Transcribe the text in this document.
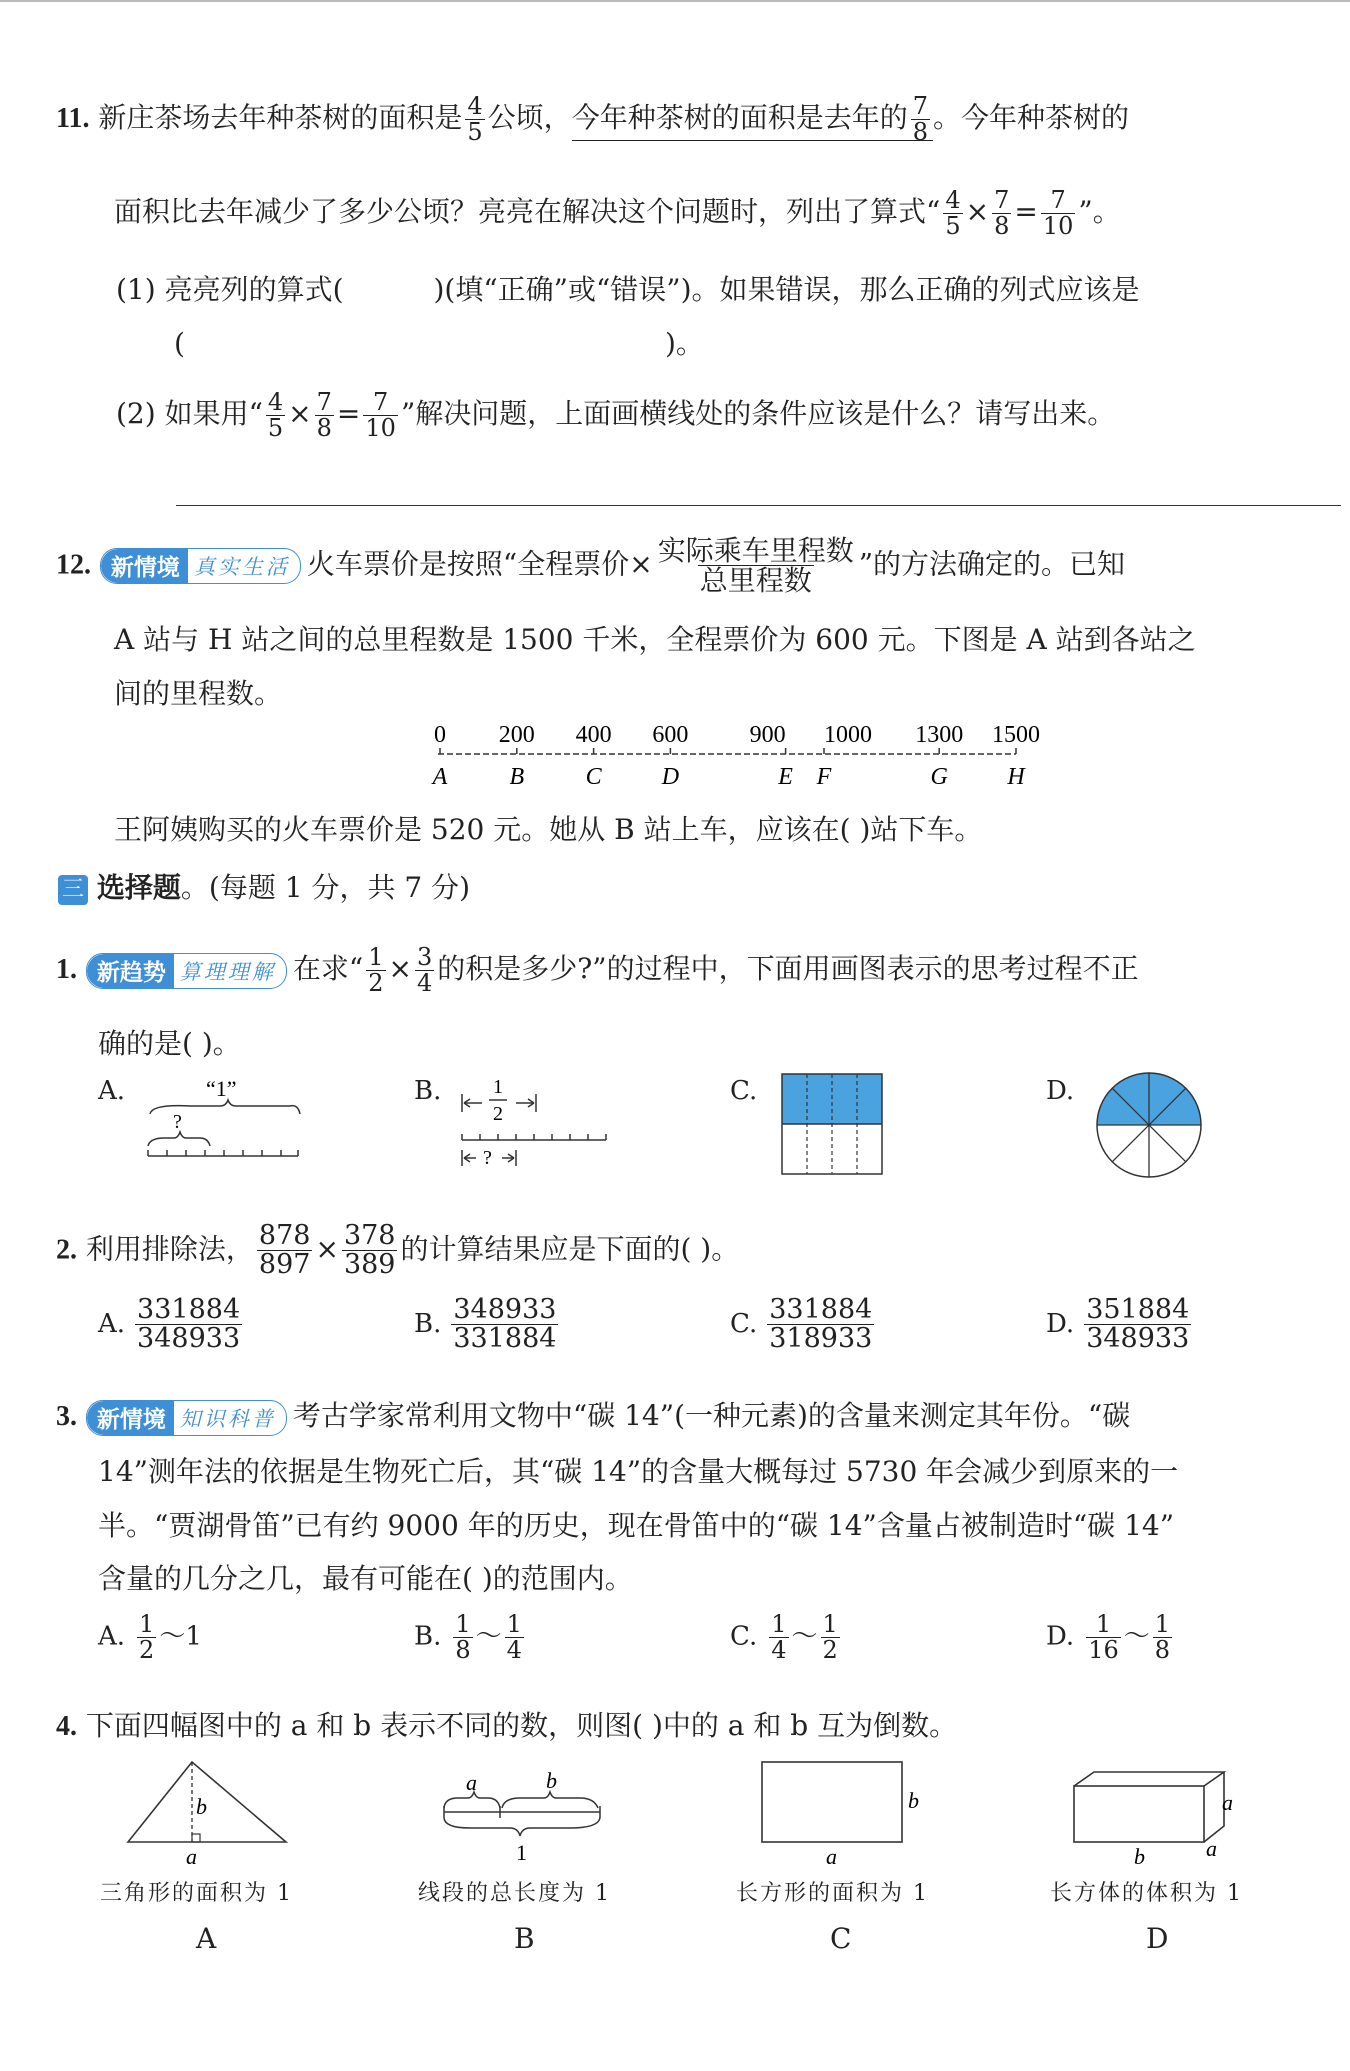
11. 新庄茶场去年种茶树的面积是 $\frac{4}{5}$ 公顷，今年种茶树的面积是去年的 $\frac{7}{8}$ 。今年种茶树的
面积比去年减少了多少公顷？亮亮在解决这个问题时，列出了算式“ $\frac{4}{5} \times \frac{7}{8} = \frac{7}{10}$ ”。
(1) 亮亮列的算式(	)(填“正确”或“错误”)。如果错误，那么正确的列式应该是
(	)。
(2) 如果用“ $\frac{4}{5} \times \frac{7}{8} = \frac{7}{10}$ ”解决问题，上面画横线处的条件应该是什么？请写出来。
12. 新情境 真实生活 火车票价是按照“全程票价× $\frac{\text{实际乘车里程数}}{\text{总里程数}}$ ”的方法确定的。已知
A 站与 H 站之间的总里程数是 1500 千米，全程票价为 600 元。下图是 A 站到各站之
间的里程数。
0
A
200
B
400
C
600
D
900
E
1000
F
1300
G
1500
H
王阿姨购买的火车票价是 520 元。她从 B 站上车，应该在( )站下车。
三 选择题。(每题 1 分，共 7 分)
1. 新趋势 算理理解 在求“ $\frac{1}{2} \times \frac{3}{4}$ 的积是多少?”的过程中，下面用画图表示的思考过程不正
确的是( )。
A.	“1”
?
B.	1
2
?
C.	D.
2. 利用排除法， $\frac{878}{897} \times \frac{378}{389}$ 的计算结果应是下面的( )。
A. $\frac{331884}{348933}$	B. $\frac{348933}{331884}$	C. $\frac{331884}{318933}$	D. $\frac{351884}{348933}$
3. 新情境 知识科普 考古学家常利用文物中“碳 14”(一种元素)的含量来测定其年份。“碳
14”测年法的依据是生物死亡后，其“碳 14”的含量大概每过 5730 年会减少到原来的一
半。“贾湖骨笛”已有约 9000 年的历史，现在骨笛中的“碳 14”含量占被制造时“碳 14”
含量的几分之几，最有可能在( )的范围内。
A. $\frac{1}{2}$ ～1	B. $\frac{1}{8}$ ～ $\frac{1}{4}$	C. $\frac{1}{4}$ ～ $\frac{1}{2}$	D. $\frac{1}{16}$ ～ $\frac{1}{8}$
4. 下面四幅图中的 a 和 b 表示不同的数，则图( )中的 a 和 b 互为倒数。
b
a
a	b
1
b
a
a
a
b
三角形的面积为 1	线段的总长度为 1	长方形的面积为 1	长方体的体积为 1
A	B	C	D
